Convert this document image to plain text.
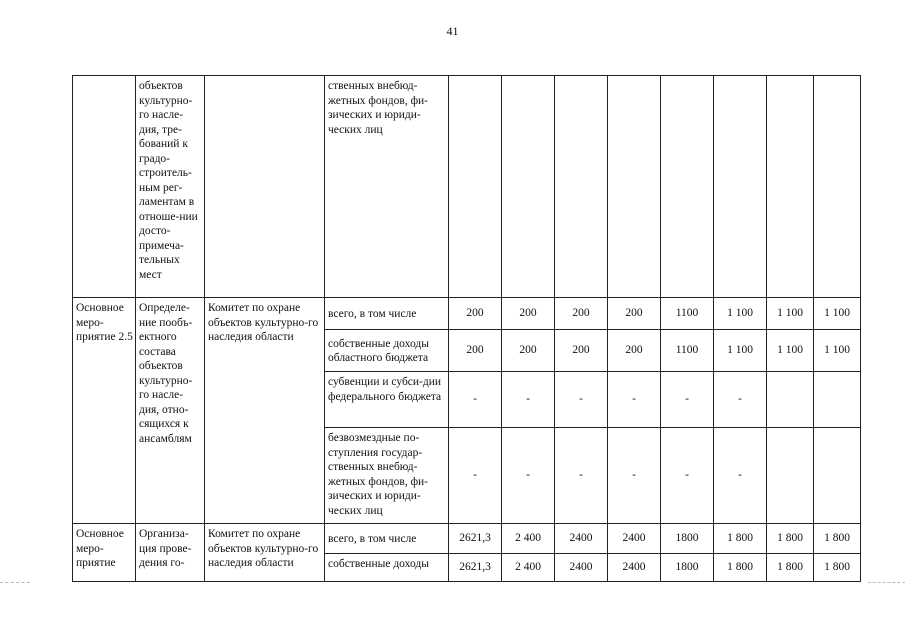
41
	объектов культурно-го насле-дия, тре-бований к градо-строитель-ным рег-ламентам в отноше-нии досто-примеча-тельных мест		ственных внебюд-жетных фондов, фи-зических и юриди-ческих лиц								
Основное меро-приятие 2.5	Определе-ние пообъ-ектного состава объектов культурно-го насле-дия, отно-сящихся к ансамблям	Комитет по охране объектов культурно-го наследия области	всего, в том числе	200	200	200	200	1100	1 100	1 100	1 100
			собственные доходы областного бюджета	200	200	200	200	1100	1 100	1 100	1 100
			субвенции и субси-дии федерального бюджета	-	-	-	-	-	-		
			безвозмездные по-ступления государ-ственных внебюд-жетных фондов, фи-зических и юриди-ческих лиц	-	-	-	-	-	-		
Основное меро-приятие	Организа-ция прове-дения го-	Комитет по охране объектов культурно-го наследия области	всего, в том числе	2621,3	2 400	2400	2400	1800	1 800	1 800	1 800
			собственные доходы	2621,3	2 400	2400	2400	1800	1 800	1 800	1 800
